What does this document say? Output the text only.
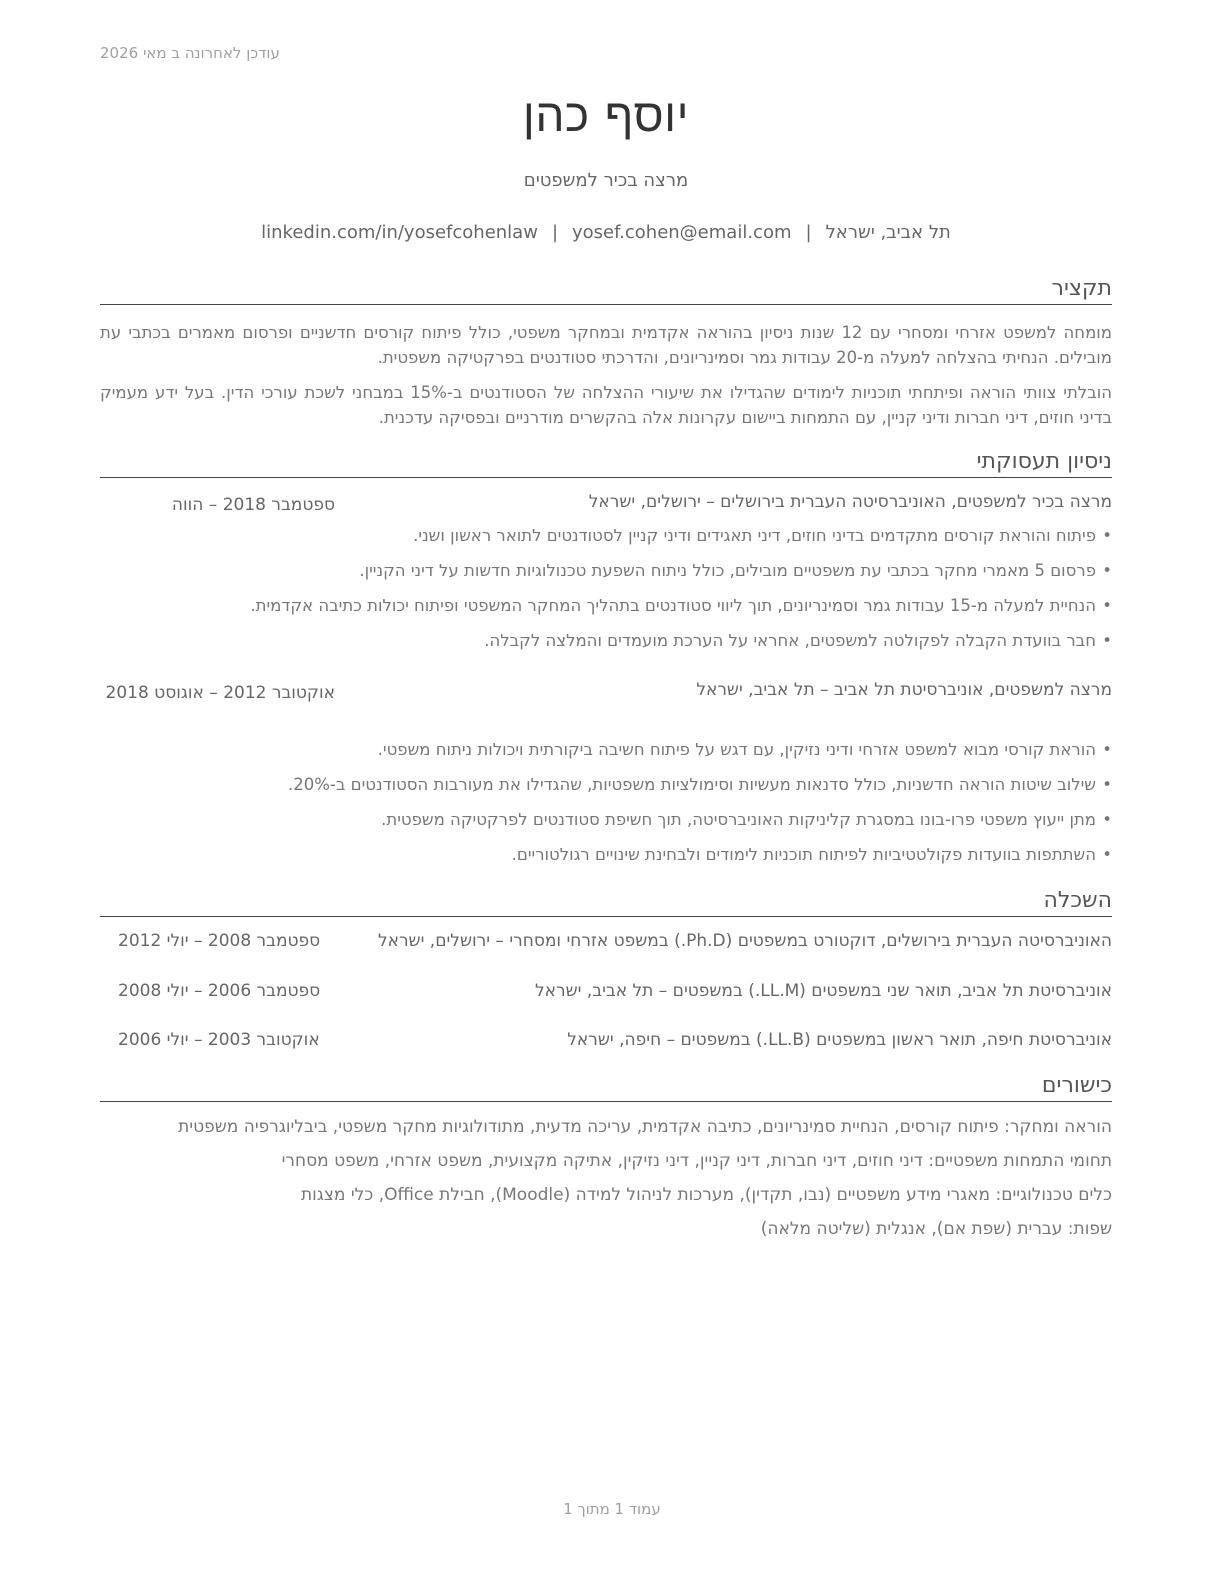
עודכן לאחרונה ב מאי 2026
יוסף כהן
מרצה בכיר למשפטים
תל אביב, ישראל|yosef.cohen@email.com|linkedin.com/in/yosefcohenlaw
תקציר
מומחה למשפט אזרחי ומסחרי עם 12 שנות ניסיון בהוראה אקדמית ובמחקר משפטי, כולל פיתוח קורסים חדשניים ופרסום מאמרים בכתבי עת מובילים. הנחיתי בהצלחה למעלה מ-20 עבודות גמר וסמינריונים, והדרכתי סטודנטים בפרקטיקה משפטית.
הובלתי צוותי הוראה ופיתחתי תוכניות לימודים שהגדילו את שיעורי ההצלחה של הסטודנטים ב-15% במבחני לשכת עורכי הדין. בעל ידע מעמיק בדיני חוזים, דיני חברות ודיני קניין, עם התמחות ביישום עקרונות אלה בהקשרים מודרניים ובפסיקה עדכנית.
ניסיון תעסוקתי
מרצה בכיר למשפטים, האוניברסיטה העברית בירושלים – ירושלים, ישראל
ספטמבר 2018 – הווה
• פיתוח והוראת קורסים מתקדמים בדיני חוזים, דיני תאגידים ודיני קניין לסטודנטים לתואר ראשון ושני.
• פרסום 5 מאמרי מחקר בכתבי עת משפטיים מובילים, כולל ניתוח השפעת טכנולוגיות חדשות על דיני הקניין.
• הנחיית למעלה מ-15 עבודות גמר וסמינריונים, תוך ליווי סטודנטים בתהליך המחקר המשפטי ופיתוח יכולות כתיבה אקדמית.
• חבר בוועדת הקבלה לפקולטה למשפטים, אחראי על הערכת מועמדים והמלצה לקבלה.
מרצה למשפטים, אוניברסיטת תל אביב – תל אביב, ישראל
אוקטובר 2012 – אוגוסט 2018
• הוראת קורסי מבוא למשפט אזרחי ודיני נזיקין, עם דגש על פיתוח חשיבה ביקורתית ויכולות ניתוח משפטי.
• שילוב שיטות הוראה חדשניות, כולל סדנאות מעשיות וסימולציות משפטיות, שהגדילו את מעורבות הסטודנטים ב-20%.
• מתן ייעוץ משפטי פרו-בונו במסגרת קליניקות האוניברסיטה, תוך חשיפת סטודנטים לפרקטיקה משפטית.
• השתתפות בוועדות פקולטטיביות לפיתוח תוכניות לימודים ולבחינת שינויים רגולטוריים.
השכלה
האוניברסיטה העברית בירושלים, דוקטורט במשפטים (Ph.D.) במשפט אזרחי ומסחרי – ירושלים, ישראל
ספטמבר 2008 – יולי 2012
אוניברסיטת תל אביב, תואר שני במשפטים (LL.M.) במשפטים – תל אביב, ישראל
ספטמבר 2006 – יולי 2008
אוניברסיטת חיפה, תואר ראשון במשפטים (LL.B.) במשפטים – חיפה, ישראל
אוקטובר 2003 – יולי 2006
כישורים
הוראה ומחקר: פיתוח קורסים, הנחיית סמינריונים, כתיבה אקדמית, עריכה מדעית, מתודולוגיות מחקר משפטי, ביבליוגרפיה משפטית
תחומי התמחות משפטיים: דיני חוזים, דיני חברות, דיני קניין, דיני נזיקין, אתיקה מקצועית, משפט אזרחי, משפט מסחרי
כלים טכנולוגיים: מאגרי מידע משפטיים (נבו, תקדין), מערכות לניהול למידה (Moodle), חבילת Office, כלי מצגות
שפות: עברית (שפת אם), אנגלית (שליטה מלאה)
עמוד 1 מתוך 1
